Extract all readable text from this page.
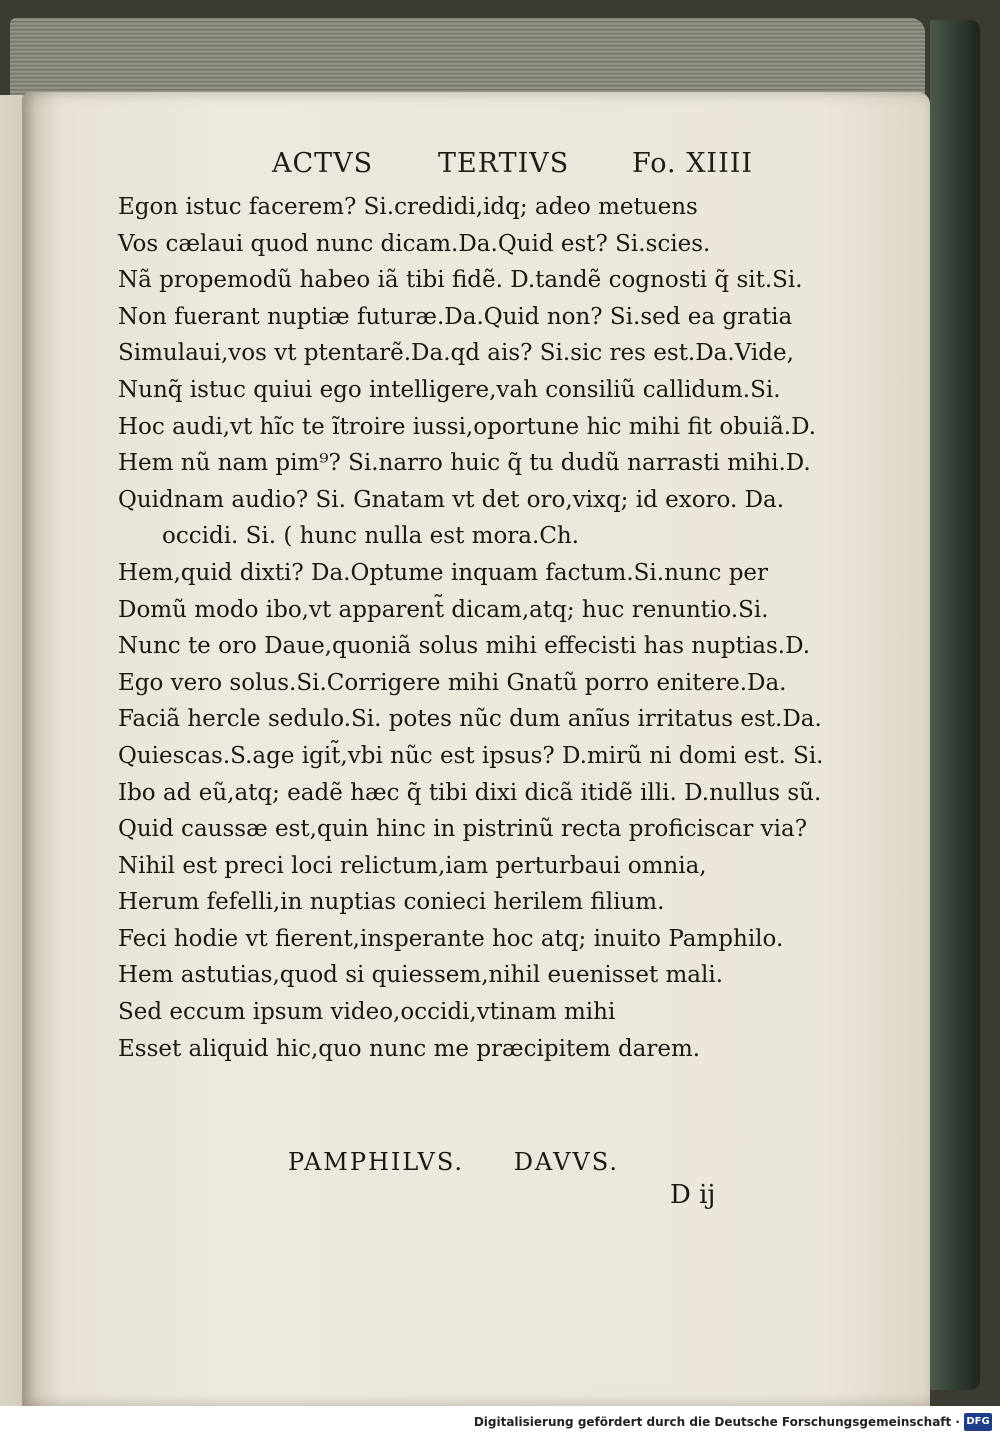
ACTVS TERTIVS Fo. XIIII
Egon istuc facerem? Si.credidi,idq; adeo metuens
Vos cælaui quod nunc dicam.Da.Quid est? Si.scies.
Nã propemodũ habeo iã tibi fidẽ. D.tandẽ cognosti q̃ sit.Si.
Non fuerant nuptiæ futuræ.Da.Quid non? Si.sed ea gratia
Simulaui,vos vt ptentarẽ.Da.qd ais? Si.sic res est.Da.Vide,
Nunq̃ istuc quiui ego intelligere,vah consiliũ callidum.Si.
Hoc audi,vt hĩc te ĩtroire iussi,oportune hic mihi fit obuiã.D.
Hem nũ nam pim⁹? Si.narro huic q̃ tu dudũ narrasti mihi.D.
Quidnam audio? Si. Gnatam vt det oro,vixq; id exoro. Da.
occidi. Si. ( hunc nulla est mora.Ch.
Hem,quid dixti? Da.Optume inquam factum.Si.nunc per
Domũ modo ibo,vt apparent̃ dicam,atq; huc renuntio.Si.
Nunc te oro Daue,quoniã solus mihi effecisti has nuptias.D.
Ego vero solus.Si.Corrigere mihi Gnatũ porro enitere.Da.
Faciã hercle sedulo.Si. potes nũc dum anĩus irritatus est.Da.
Quiescas.S.age igit̃,vbi nũc est ipsus? D.mirũ ni domi est. Si.
Ibo ad eũ,atq; eadẽ hæc q̃ tibi dixi dicã itidẽ illi. D.nullus sũ.
Quid caussæ est,quin hinc in pistrinũ recta proficiscar via?
Nihil est preci loci relictum,iam perturbaui omnia,
Herum fefelli,in nuptias conieci herilem filium.
Feci hodie vt fierent,insperante hoc atq; inuito Pamphilo.
Hem astutias,quod si quiessem,nihil euenisset mali.
Sed eccum ipsum video,occidi,vtinam mihi
Esset aliquid hic,quo nunc me præcipitem darem.
PAMPHILVS. DAVVS.
D ij
Digitalisierung gefördert durch die Deutsche Forschungsgemeinschaft · DFG
